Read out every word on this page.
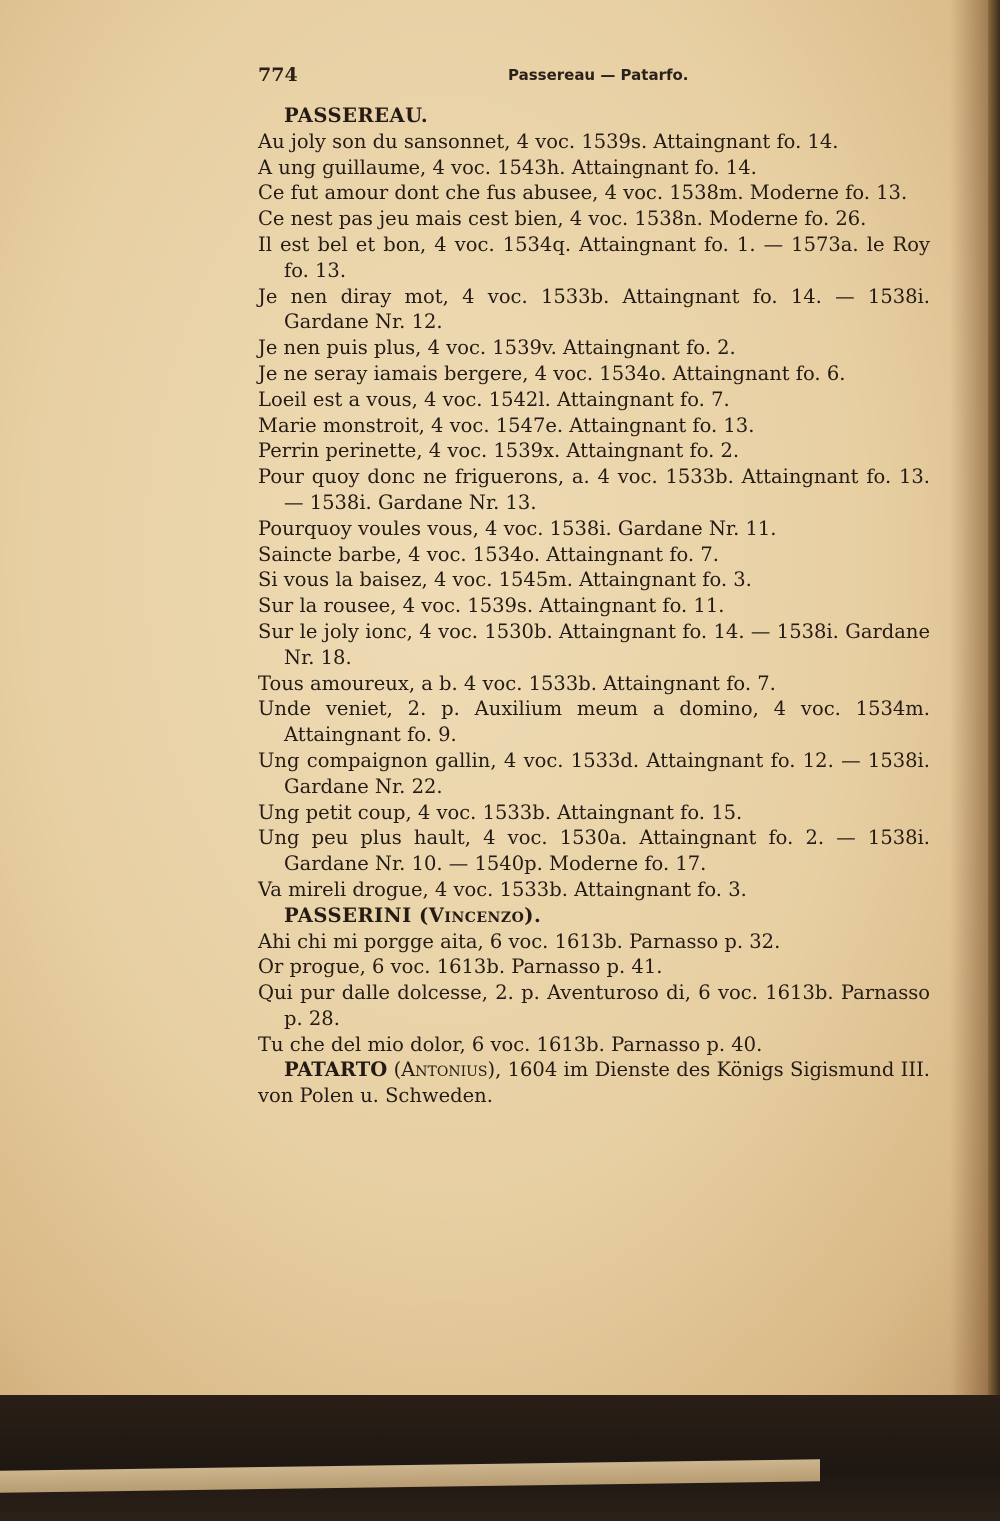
774	Passereau — Patarfo.
PASSEREAU.
Au joly son du sansonnet, 4 voc. 1539s. Attaingnant fo. 14.
A ung guillaume, 4 voc. 1543h. Attaingnant fo. 14.
Ce fut amour dont che fus abusee, 4 voc. 1538m. Moderne fo. 13.
Ce nest pas jeu mais cest bien, 4 voc. 1538n. Moderne fo. 26.
Il est bel et bon, 4 voc. 1534q. Attaingnant fo. 1. — 1573a. le Roy fo. 13.
Je nen diray mot, 4 voc. 1533b. Attaingnant fo. 14. — 1538i. Gardane Nr. 12.
Je nen puis plus, 4 voc. 1539v. Attaingnant fo. 2.
Je ne seray iamais bergere, 4 voc. 1534o. Attaingnant fo. 6.
Loeil est a vous, 4 voc. 1542l. Attaingnant fo. 7.
Marie monstroit, 4 voc. 1547e. Attaingnant fo. 13.
Perrin perinette, 4 voc. 1539x. Attaingnant fo. 2.
Pour quoy donc ne friguerons, a. 4 voc. 1533b. Attaingnant fo. 13. — 1538i. Gardane Nr. 13.
Pourquoy voules vous, 4 voc. 1538i. Gardane Nr. 11.
Saincte barbe, 4 voc. 1534o. Attaingnant fo. 7.
Si vous la baisez, 4 voc. 1545m. Attaingnant fo. 3.
Sur la rousee, 4 voc. 1539s. Attaingnant fo. 11.
Sur le joly ionc, 4 voc. 1530b. Attaingnant fo. 14. — 1538i. Gardane Nr. 18.
Tous amoureux, a b. 4 voc. 1533b. Attaingnant fo. 7.
Unde veniet, 2. p. Auxilium meum a domino, 4 voc. 1534m. Attaingnant fo. 9.
Ung compaignon gallin, 4 voc. 1533d. Attaingnant fo. 12. — 1538i. Gardane Nr. 22.
Ung petit coup, 4 voc. 1533b. Attaingnant fo. 15.
Ung peu plus hault, 4 voc. 1530a. Attaingnant fo. 2. — 1538i. Gardane Nr. 10. — 1540p. Moderne fo. 17.
Va mireli drogue, 4 voc. 1533b. Attaingnant fo. 3.
PASSERINI (Vincenzo).
Ahi chi mi porgge aita, 6 voc. 1613b. Parnasso p. 32.
Or progue, 6 voc. 1613b. Parnasso p. 41.
Qui pur dalle dolcesse, 2. p. Aventuroso di, 6 voc. 1613b. Parnasso p. 28.
Tu che del mio dolor, 6 voc. 1613b. Parnasso p. 40.
PATARTO (Antonius), 1604 im Dienste des Königs Sigismund III. von Polen u. Schweden.
